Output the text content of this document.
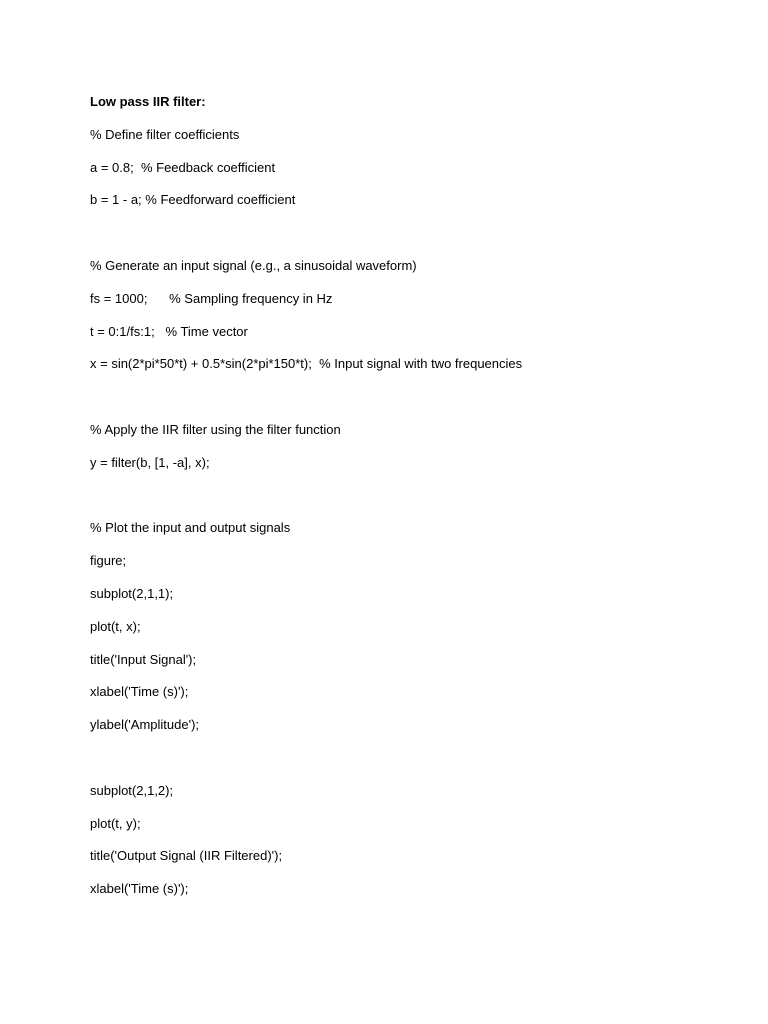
Low pass IIR filter:
% Define filter coefficients
a = 0.8;  % Feedback coefficient
b = 1 - a; % Feedforward coefficient
% Generate an input signal (e.g., a sinusoidal waveform)
fs = 1000;      % Sampling frequency in Hz
t = 0:1/fs:1;   % Time vector
x = sin(2*pi*50*t) + 0.5*sin(2*pi*150*t);  % Input signal with two frequencies
% Apply the IIR filter using the filter function
y = filter(b, [1, -a], x);
% Plot the input and output signals
figure;
subplot(2,1,1);
plot(t, x);
title('Input Signal');
xlabel('Time (s)');
ylabel('Amplitude');
subplot(2,1,2);
plot(t, y);
title('Output Signal (IIR Filtered)');
xlabel('Time (s)');
